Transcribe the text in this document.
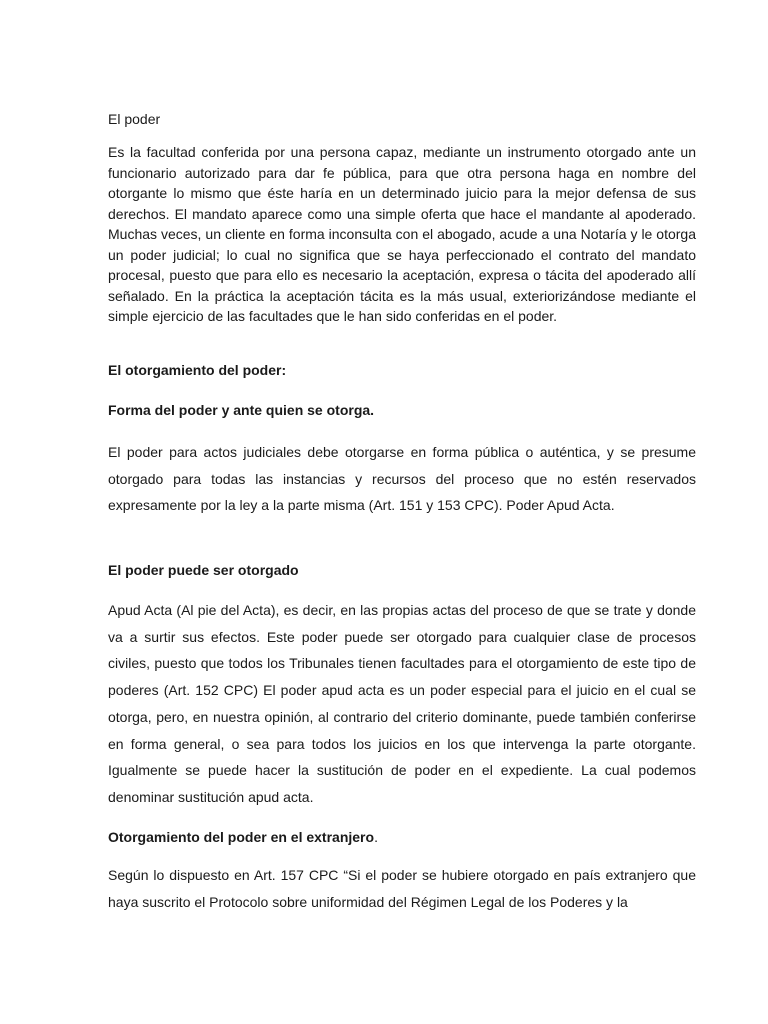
El poder

Es la facultad conferida por una persona capaz, mediante un instrumento otorgado ante un funcionario autorizado para dar fe pública, para que otra persona haga en nombre del otorgante lo mismo que éste haría en un determinado juicio para la mejor defensa de sus derechos. El mandato aparece como una simple oferta que hace el mandante al apoderado. Muchas veces, un cliente en forma inconsulta con el abogado, acude a una Notaría y le otorga un poder judicial; lo cual no significa que se haya perfeccionado el contrato del mandato procesal, puesto que para ello es necesario la aceptación, expresa o tácita del apoderado allí señalado. En la práctica la aceptación tácita es la más usual, exteriorizándose mediante el simple ejercicio de las facultades que le han sido conferidas en el poder.

El otorgamiento del poder:

Forma del poder y ante quien se otorga.

El poder para actos judiciales debe otorgarse en forma pública o auténtica, y se presume otorgado para todas las instancias y recursos del proceso que no estén reservados expresamente por la ley a la parte misma (Art. 151 y 153 CPC). Poder Apud Acta.

El poder puede ser otorgado

Apud Acta (Al pie del Acta), es decir, en las propias actas del proceso de que se trate y donde va a surtir sus efectos. Este poder puede ser otorgado para cualquier clase de procesos civiles, puesto que todos los Tribunales tienen facultades para el otorgamiento de este tipo de poderes (Art. 152 CPC) El poder apud acta es un poder especial para el juicio en el cual se otorga, pero, en nuestra opinión, al contrario del criterio dominante, puede también conferirse en forma general, o sea para todos los juicios en los que intervenga la parte otorgante. Igualmente se puede hacer la sustitución de poder en el expediente. La cual podemos denominar sustitución apud acta.

Otorgamiento del poder en el extranjero.

Según lo dispuesto en Art. 157 CPC “Si el poder se hubiere otorgado en país extranjero que haya suscrito el Protocolo sobre uniformidad del Régimen Legal de los Poderes y la
